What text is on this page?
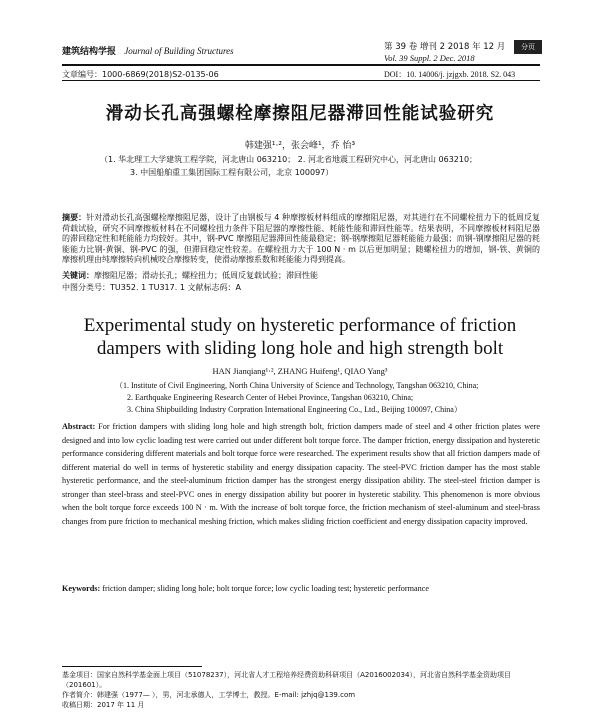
建筑结构学报 Journal of Building Structures	第 39 卷 增刊 2 2018 年 12 月
Vol. 39 Suppl. 2 Dec. 2018
分页
文章编号：1000-6869(2018)S2-0135-06	DOI：10. 14006/j. jzjgxb. 2018. S2. 043
滑动长孔高强螺栓摩擦阻尼器滞回性能试验研究
韩建强¹·²，张会峰¹，乔 怡³
（1. 华北理工大学建筑工程学院，河北唐山 063210； 2. 河北省地震工程研究中心，河北唐山 063210；
3. 中国船舶重工集团国际工程有限公司，北京 100097）
摘要：针对滑动长孔高强螺栓摩擦阻尼器，设计了由钢板与 4 种摩擦板材料组成的摩擦阻尼器，对其进行在不同螺栓扭力下的低周反复荷载试验，研究不同摩擦板材料在不同螺栓扭力条件下阻尼器的摩擦性能、耗能性能和滞回性能等。结果表明，不同摩擦板材料阻尼器的滞回稳定性和耗能能力均较好。其中，钢-PVC 摩擦阻尼器滞回性能最稳定；钢-钢摩擦阻尼器耗能能力最强；而钢-钢摩擦阻尼器的耗能能力比钢-黄铜、钢-PVC 的强，但滞回稳定性较差。在螺栓扭力大于 100 N · m 以后更加明显；随螺栓扭力的增加，钢-铁、黄铜的摩擦机理由纯摩擦转向机械咬合摩擦转变，使滑动摩擦系数和耗能能力得到提高。
关键词：摩擦阻尼器；滑动长孔；螺栓扭力；低周反复载试验；滞回性能
中图分类号：TU352. 1 TU317. 1 文献标志码：A
Experimental study on hysteretic performance of friction
dampers with sliding long hole and high strength bolt
HAN Jianqiang¹·², ZHANG Huifeng¹, QIAO Yang³
（1. Institute of Civil Engineering, North China University of Science and Technology, Tangshan 063210, China;
2. Earthquake Engineering Research Center of Hebei Province, Tangshan 063210, China;
3. China Shipbuilding Industry Corpration International Engineering Co., Ltd., Beijing 100097, China）
Abstract: For friction dampers with sliding long hole and high strength bolt, friction dampers made of steel and 4 other friction plates were designed and into low cyclic loading test were carried out under different bolt torque force. The damper friction, energy dissipation and hysteretic performance considering different materials and bolt torque force were researched. The experiment results show that all friction dampers made of different material do well in terms of hysteretic stability and energy dissipation capacity. The steel-PVC friction damper has the most stable hysteretic performance, and the steel-aluminum friction damper has the strongest energy dissipation ability. The steel-steel friction damper is stronger than steel-brass and steel-PVC ones in energy dissipation ability but poorer in hysteretic stability. This phenomenon is more obvious when the bolt torque force exceeds 100 N · m. With the increase of bolt torque force, the friction mechanism of steel-aluminum and steel-brass changes from pure friction to mechanical meshing friction, which makes sliding friction coefficient and energy dissipation capacity improved.
Keywords: friction damper; sliding long hole; bolt torque force; low cyclic loading test; hysteretic performance
基金项目：国家自然科学基金面上项目（51078237），河北省人才工程培养经费资助科研项目（A2016002034），河北省自然科学基金资助项目（201601）。
作者简介：韩建强（1977— ），男，河北承德人，工学博士，教授。E-mail: jzhjq@139.com
收稿日期：2017 年 11 月
